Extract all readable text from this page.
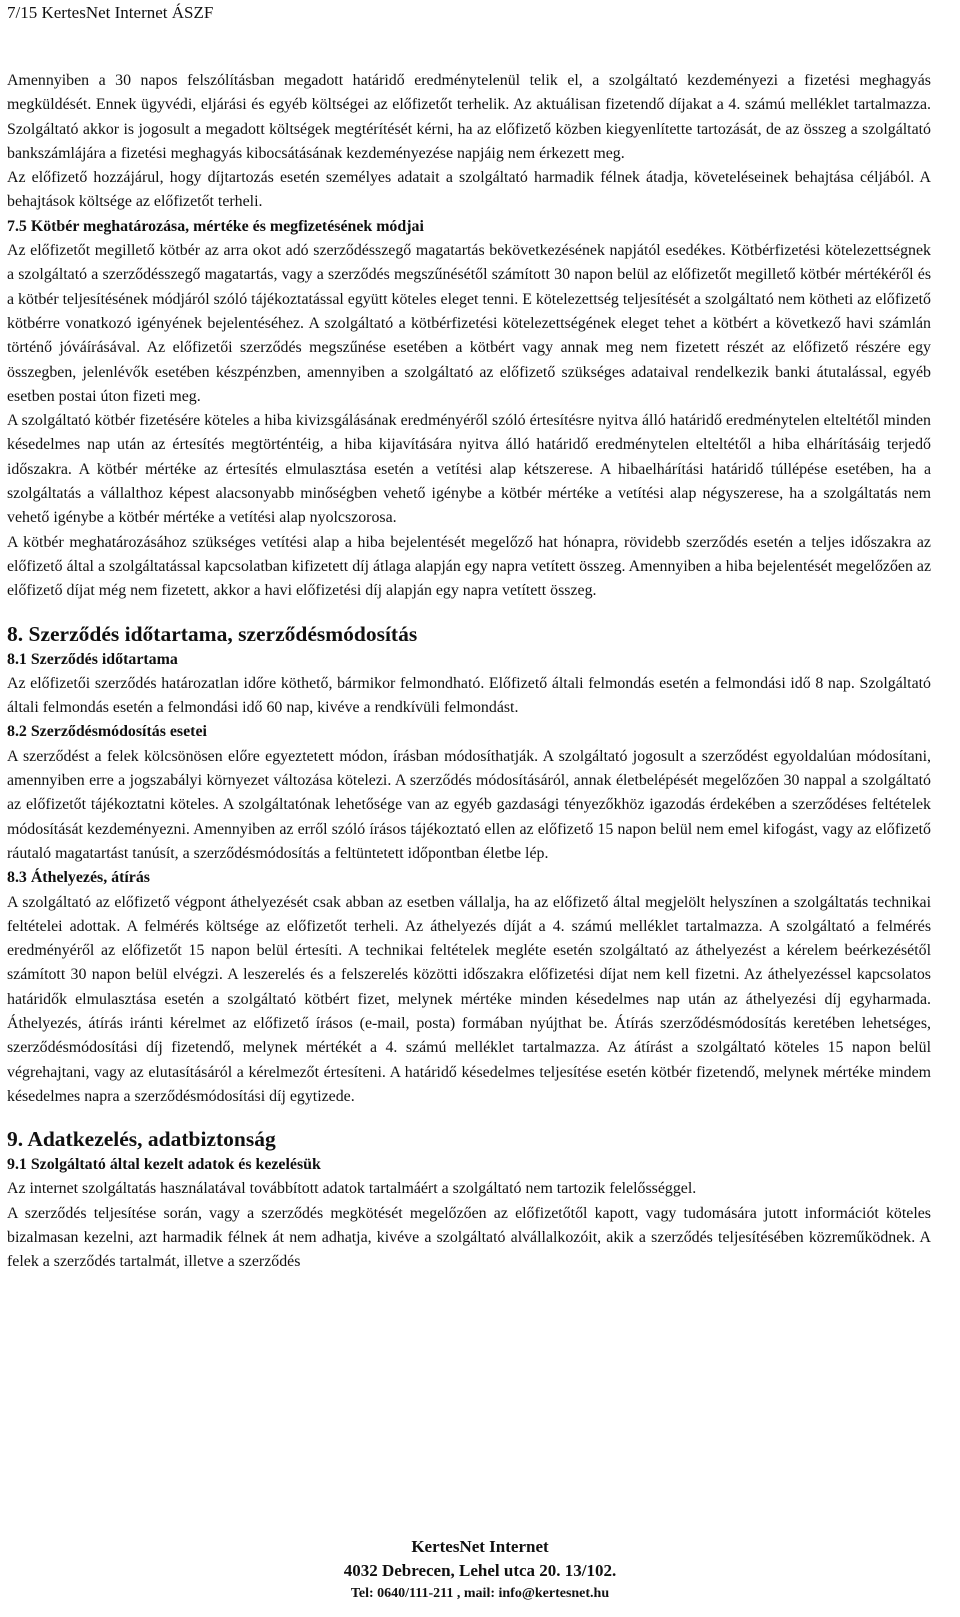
7/15 KertesNet Internet ÁSZF

Amennyiben a 30 napos felszólításban megadott határidő eredménytelenül telik el, a szolgáltató kezdeményezi a fizetési meghagyás megküldését. Ennek ügyvédi, eljárási és egyéb költségei az előfizetőt terhelik. Az aktuálisan fizetendő díjakat a 4. számú melléklet tartalmazza. Szolgáltató akkor is jogosult a megadott költségek megtérítését kérni, ha az előfizető közben kiegyenlítette tartozását, de az összeg a szolgáltató bankszámlájára a fizetési meghagyás kibocsátásának kezdeményezése napjáig nem érkezett meg.

Az előfizető hozzájárul, hogy díjtartozás esetén személyes adatait a szolgáltató harmadik félnek átadja, követeléseinek behajtása céljából. A behajtások költsége az előfizetőt terheli.

7.5 Kötbér meghatározása, mértéke és megfizetésének módjai

Az előfizetőt megillető kötbér az arra okot adó szerződésszegő magatartás bekövetkezésének napjától esedékes. Kötbérfizetési kötelezettségnek a szolgáltató a szerződésszegő magatartás, vagy a szerződés megszűnésétől számított 30 napon belül az előfizetőt megillető kötbér mértékéről és a kötbér teljesítésének módjáról szóló tájékoztatással együtt köteles eleget tenni. E kötelezettség teljesítését a szolgáltató nem kötheti az előfizető kötbérre vonatkozó igényének bejelentéséhez. A szolgáltató a kötbérfizetési kötelezettségének eleget tehet a kötbért a következő havi számlán történő jóváírásával. Az előfizetői szerződés megszűnése esetében a kötbért vagy annak meg nem fizetett részét az előfizető részére egy összegben, jelenlévők esetében készpénzben, amennyiben a szolgáltató az előfizető szükséges adataival rendelkezik banki átutalással, egyéb esetben postai úton fizeti meg.

A szolgáltató kötbér fizetésére köteles a hiba kivizsgálásának eredményéről szóló értesítésre nyitva álló határidő eredménytelen elteltétől minden késedelmes nap után az értesítés megtörténtéig, a hiba kijavítására nyitva álló határidő eredménytelen elteltétől a hiba elhárításáig terjedő időszakra. A kötbér mértéke az értesítés elmulasztása esetén a vetítési alap kétszerese. A hibaelhárítási határidő túllépése esetében, ha a szolgáltatás a vállalthoz képest alacsonyabb minőségben vehető igénybe a kötbér mértéke a vetítési alap négyszerese, ha a szolgáltatás nem vehető igénybe a kötbér mértéke a vetítési alap nyolcszorosa.

A kötbér meghatározásához szükséges vetítési alap a hiba bejelentését megelőző hat hónapra, rövidebb szerződés esetén a teljes időszakra az előfizető által a szolgáltatással kapcsolatban kifizetett díj átlaga alapján egy napra vetített összeg. Amennyiben a hiba bejelentését megelőzően az előfizető díjat még nem fizetett, akkor a havi előfizetési díj alapján egy napra vetített összeg.

8. Szerződés időtartama, szerződésmódosítás

8.1 Szerződés időtartama

Az előfizetői szerződés határozatlan időre köthető, bármikor felmondható. Előfizető általi felmondás esetén a felmondási idő 8 nap. Szolgáltató általi felmondás esetén a felmondási idő 60 nap, kivéve a rendkívüli felmondást.

8.2 Szerződésmódosítás esetei

A szerződést a felek kölcsönösen előre egyeztetett módon, írásban módosíthatják. A szolgáltató jogosult a szerződést egyoldalúan módosítani, amennyiben erre a jogszabályi környezet változása kötelezi. A szerződés módosításáról, annak életbelépését megelőzően 30 nappal a szolgáltató az előfizetőt tájékoztatni köteles. A szolgáltatónak lehetősége van az egyéb gazdasági tényezőkhöz igazodás érdekében a szerződéses feltételek módosítását kezdeményezni. Amennyiben az erről szóló írásos tájékoztató ellen az előfizető 15 napon belül nem emel kifogást, vagy az előfizető ráutaló magatartást tanúsít, a szerződésmódosítás a feltüntetett időpontban életbe lép.

8.3 Áthelyezés, átírás

A szolgáltató az előfizető végpont áthelyezését csak abban az esetben vállalja, ha az előfizető által megjelölt helyszínen a szolgáltatás technikai feltételei adottak. A felmérés költsége az előfizetőt terheli. Az áthelyezés díját a 4. számú melléklet tartalmazza. A szolgáltató a felmérés eredményéről az előfizetőt 15 napon belül értesíti. A technikai feltételek megléte esetén szolgáltató az áthelyezést a kérelem beérkezésétől számított 30 napon belül elvégzi. A leszerelés és a felszerelés közötti időszakra előfizetési díjat nem kell fizetni. Az áthelyezéssel kapcsolatos határidők elmulasztása esetén a szolgáltató kötbért fizet, melynek mértéke minden késedelmes nap után az áthelyezési díj egyharmada. Áthelyezés, átírás iránti kérelmet az előfizető írásos (e-mail, posta) formában nyújthat be. Átírás szerződésmódosítás keretében lehetséges, szerződésmódosítási díj fizetendő, melynek mértékét a 4. számú melléklet tartalmazza. Az átírást a szolgáltató köteles 15 napon belül végrehajtani, vagy az elutasításáról a kérelmezőt értesíteni. A határidő késedelmes teljesítése esetén kötbér fizetendő, melynek mértéke mindem késedelmes napra a szerződésmódosítási díj egytizede.

9. Adatkezelés, adatbiztonság

9.1 Szolgáltató által kezelt adatok és kezelésük

Az internet szolgáltatás használatával továbbított adatok tartalmáért a szolgáltató nem tartozik felelősséggel.

A szerződés teljesítése során, vagy a szerződés megkötését megelőzően az előfizetőtől kapott, vagy tudomására jutott információt köteles bizalmasan kezelni, azt harmadik félnek át nem adhatja, kivéve a szolgáltató alvállalkozóit, akik a szerződés teljesítésében közreműködnek. A felek a szerződés tartalmát, illetve a szerződés

KertesNet Internet
4032 Debrecen, Lehel utca 20. 13/102.
Tel: 0640/111-211 , mail: info@kertesnet.hu
